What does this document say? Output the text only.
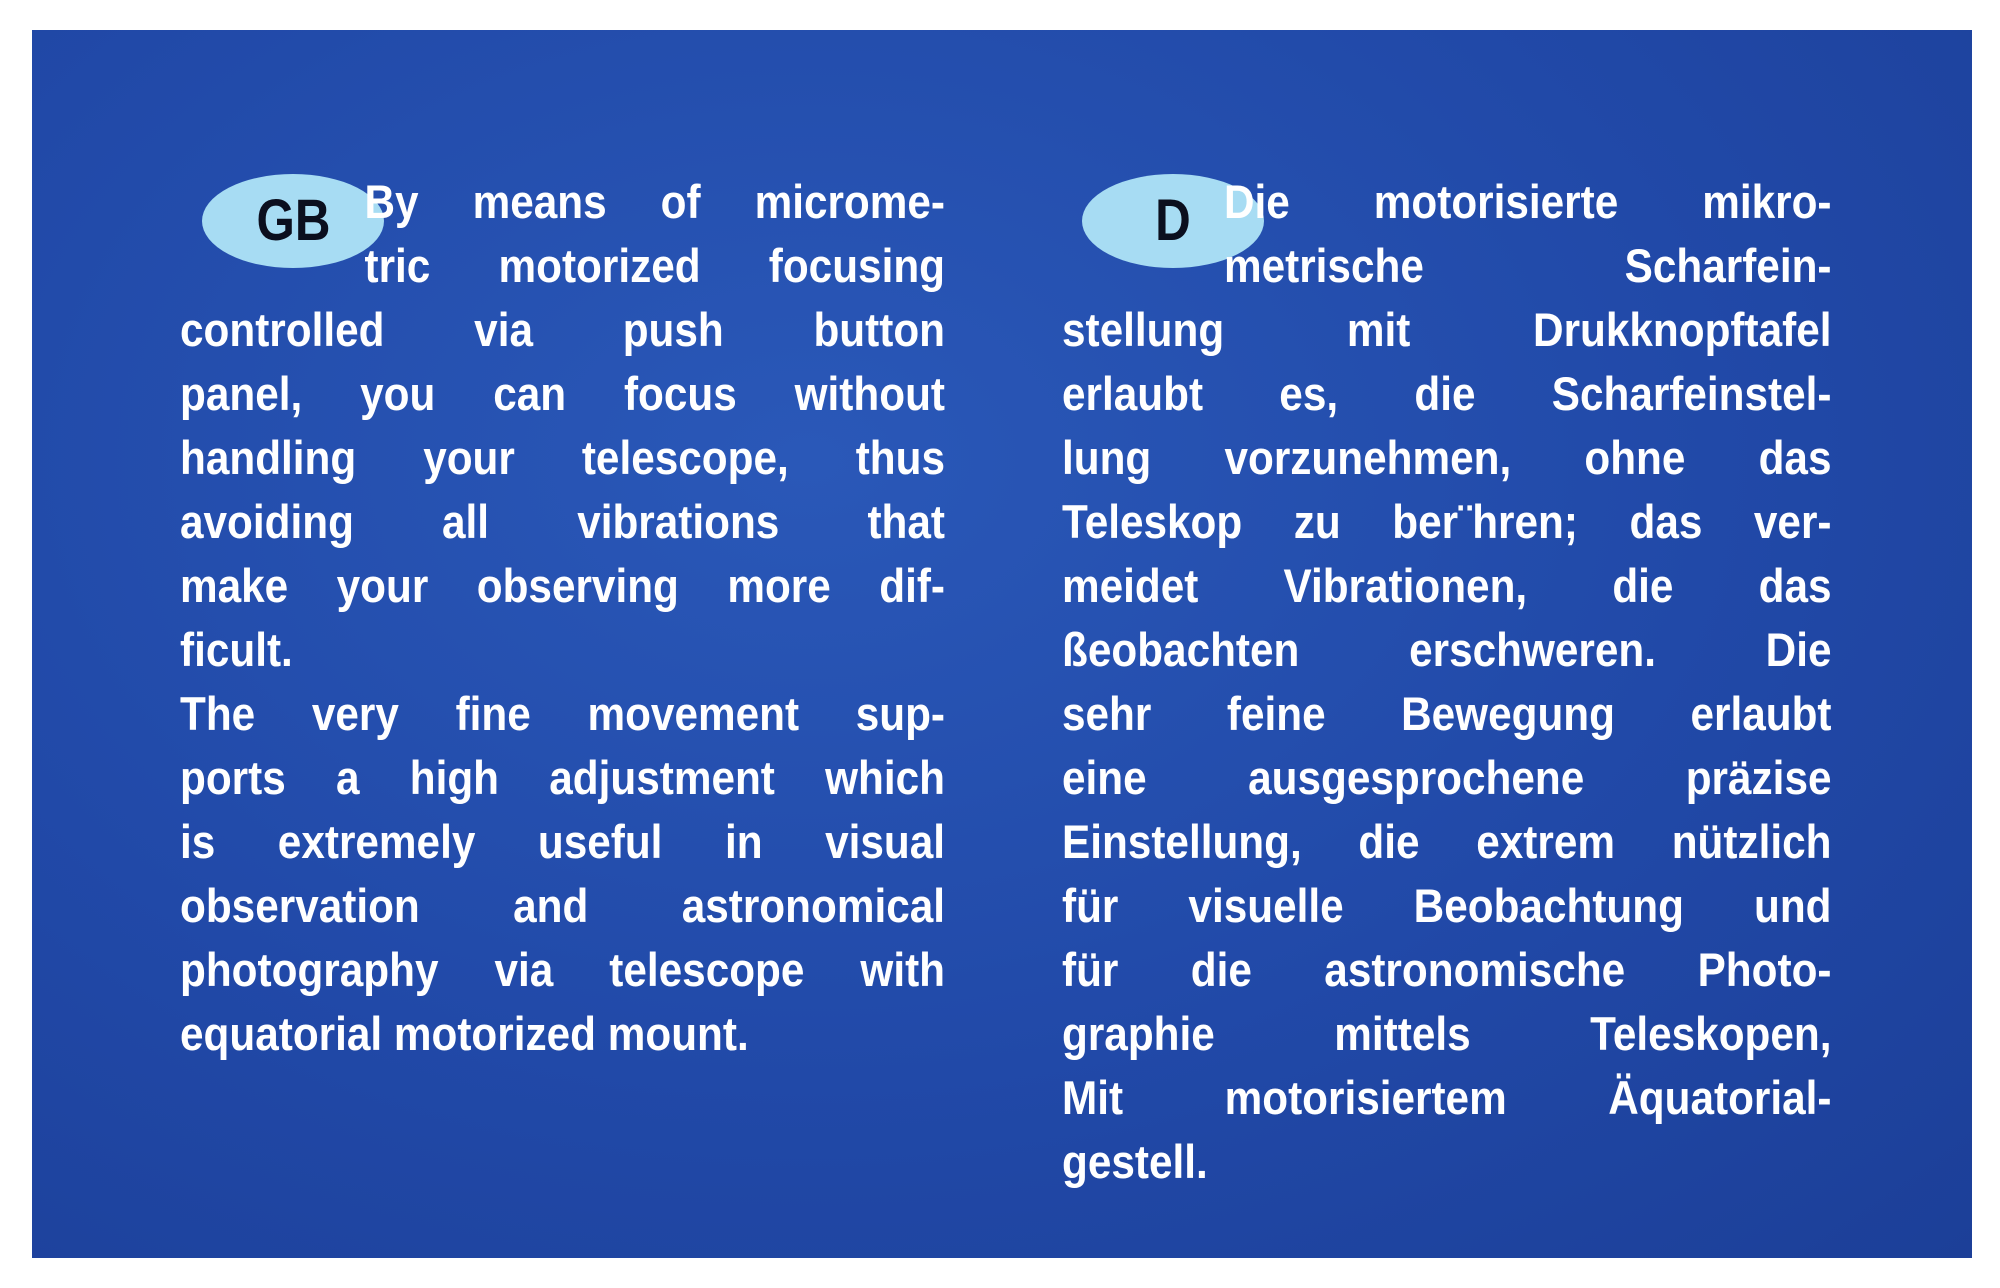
GB By means of microme-
tric motorized focusing
controlled via push button
panel, you can focus without
handling your telescope, thus
avoiding all vibrations that
make your observing more dif-
ficult.
The very fine movement sup-
ports a high adjustment which
is extremely useful in visual
observation and astronomical
photography via telescope with
equatorial motorized mount.
D Die motorisierte mikro-
metrische Scharfein-
stellung mit Drukknopftafel
erlaubt es, die Scharfeinstel-
lung vorzunehmen, ohne das
Teleskop zu ber¨hren; das ver-
meidet Vibrationen, die das
ßeobachten erschweren. Die
sehr feine Bewegung erlaubt
eine ausgesprochene präzise
Einstellung, die extrem nützlich
für visuelle Beobachtung und
für die astronomische Photo-
graphie mittels Teleskopen,
Mit motorisiertem Äquatorial-
gestell.
